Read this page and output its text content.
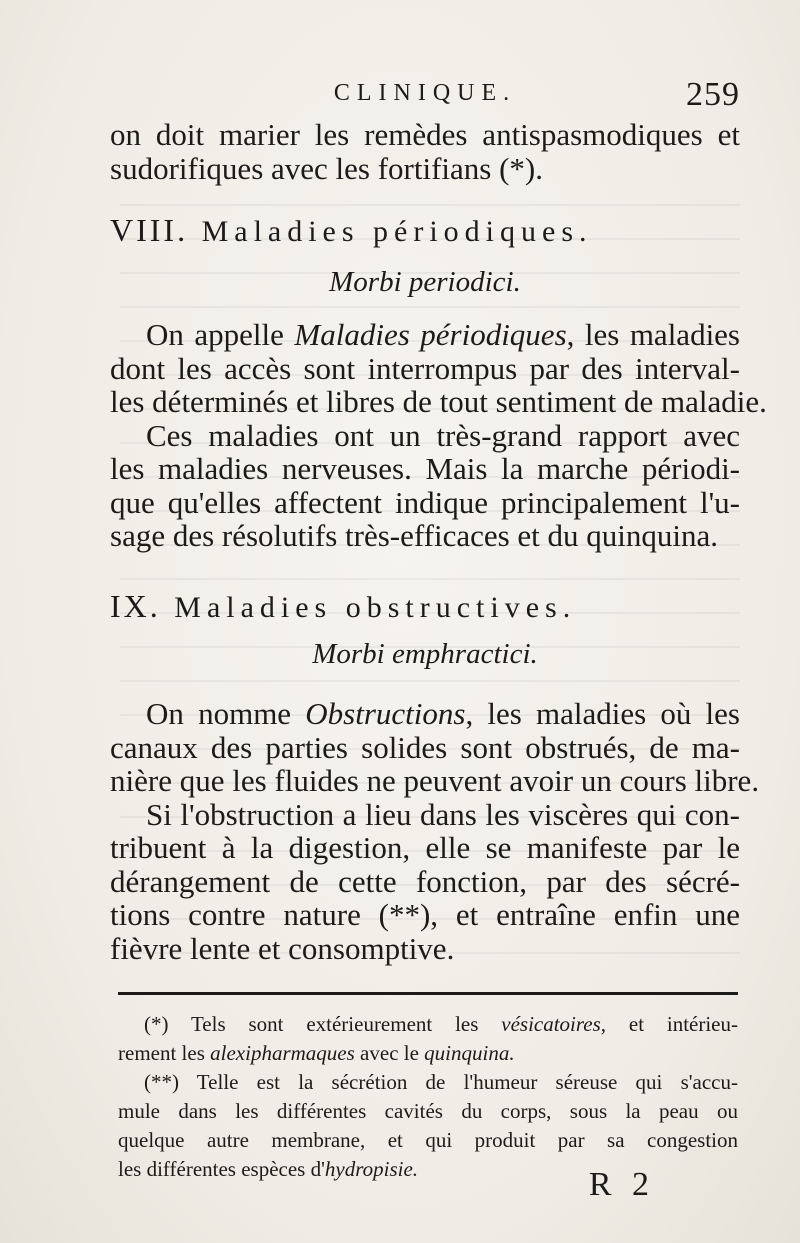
CLINIQUE.	259
on doit marier les remèdes antispasmodiques et
sudorifiques avec les fortifians (*).
VIII. Maladies périodiques.
Morbi periodici.
On appelle Maladies périodiques, les maladies
dont les accès sont interrompus par des interval-
les déterminés et libres de tout sentiment de maladie.
Ces maladies ont un très-grand rapport avec
les maladies nerveuses. Mais la marche périodi-
que qu'elles affectent indique principalement l'u-
sage des résolutifs très-efficaces et du quinquina.
IX. Maladies obstructives.
Morbi emphractici.
On nomme Obstructions, les maladies où les
canaux des parties solides sont obstrués, de ma-
nière que les fluides ne peuvent avoir un cours libre.
Si l'obstruction a lieu dans les viscères qui con-
tribuent à la digestion, elle se manifeste par le
dérangement de cette fonction, par des sécré-
tions contre nature (**), et entraîne enfin une
fièvre lente et consomptive.
(*) Tels sont extérieurement les vésicatoires, et intérieu-
rement les alexipharmaques avec le quinquina.
(**) Telle est la sécrétion de l'humeur séreuse qui s'accu-
mule dans les différentes cavités du corps, sous la peau ou
quelque autre membrane, et qui produit par sa congestion
les différentes espèces d'hydropisie.	R 2
